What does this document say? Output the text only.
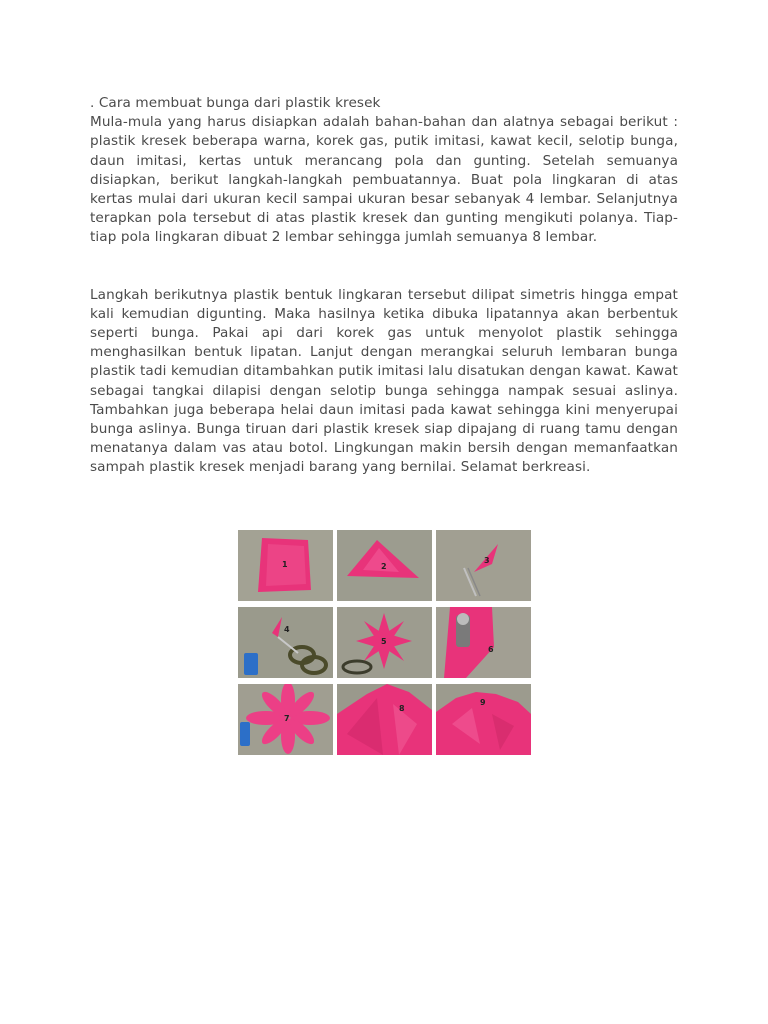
. Cara membuat bunga dari plastik kresek

Mula-mula yang harus disiapkan adalah bahan-bahan dan alatnya sebagai berikut : plastik kresek beberapa warna, korek gas, putik imitasi, kawat kecil, selotip bunga, daun imitasi, kertas untuk merancang pola dan gunting. Setelah semuanya disiapkan, berikut langkah-langkah pembuatannya. Buat pola lingkaran di atas kertas mulai dari ukuran kecil sampai ukuran besar sebanyak 4 lembar. Selanjutnya terapkan pola tersebut di atas plastik kresek dan gunting mengikuti polanya. Tiap-tiap pola lingkaran dibuat 2 lembar sehingga jumlah semuanya 8 lembar.

Langkah berikutnya plastik bentuk lingkaran tersebut dilipat simetris hingga empat kali kemudian digunting. Maka hasilnya ketika dibuka lipatannya akan berbentuk seperti bunga. Pakai api dari korek gas untuk menyolot plastik sehingga menghasilkan bentuk lipatan. Lanjut dengan merangkai seluruh lembaran bunga plastik tadi kemudian ditambahkan putik imitasi lalu disatukan dengan kawat. Kawat sebagai tangkai dilapisi dengan selotip bunga sehingga nampak sesuai aslinya. Tambahkan juga beberapa helai daun imitasi pada kawat sehingga kini menyerupai bunga aslinya. Bunga tiruan dari plastik kresek siap dipajang di ruang tamu dengan menatanya dalam vas atau botol. Lingkungan makin bersih dengan memanfaatkan sampah plastik kresek menjadi barang yang bernilai. Selamat berkreasi.

1	2
3
4
5
6
7
8
9
